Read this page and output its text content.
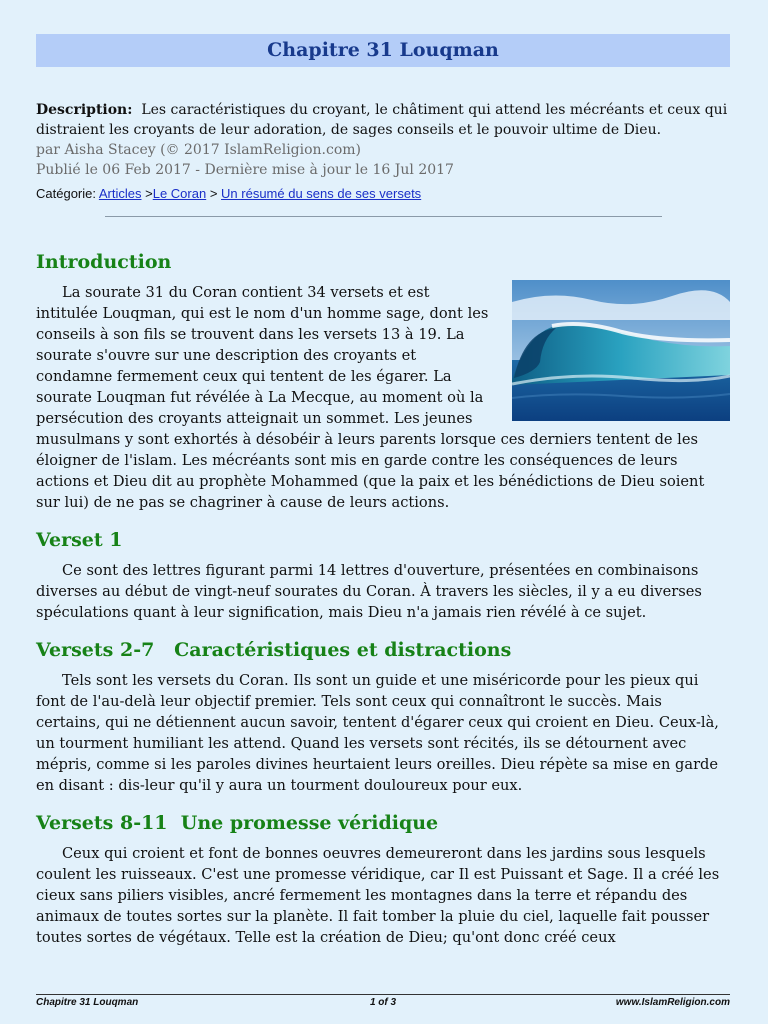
Chapitre 31 Louqman
Description: Les caractéristiques du croyant, le châtiment qui attend les mécréants et ceux qui distraient les croyants de leur adoration, de sages conseils et le pouvoir ultime de Dieu.
par Aisha Stacey (© 2017 IslamReligion.com)
Publié le 06 Feb 2017 - Dernière mise à jour le 16 Jul 2017
Catégorie: Articles >Le Coran > Un résumé du sens de ses versets
Introduction

La sourate 31 du Coran contient 34 versets et est intitulée Louqman, qui est le nom d'un homme sage, dont les conseils à son fils se trouvent dans les versets 13 à 19. La sourate s'ouvre sur une description des croyants et condamne fermement ceux qui tentent de les égarer. La sourate Louqman fut révélée à La Mecque, au moment où la persécution des croyants atteignait un sommet. Les jeunes musulmans y sont exhortés à désobéir à leurs parents lorsque ces derniers tentent de les éloigner de l'islam. Les mécréants sont mis en garde contre les conséquences de leurs actions et Dieu dit au prophète Mohammed (que la paix et les bénédictions de Dieu soient sur lui) de ne pas se chagriner à cause de leurs actions.

Verset 1

Ce sont des lettres figurant parmi 14 lettres d'ouverture, présentées en combinaisons diverses au début de vingt-neuf sourates du Coran. À travers les siècles, il y a eu diverses spéculations quant à leur signification, mais Dieu n'a jamais rien révélé à ce sujet.

Versets 2-7   Caractéristiques et distractions

Tels sont les versets du Coran. Ils sont un guide et une miséricorde pour les pieux qui font de l'au-delà leur objectif premier. Tels sont ceux qui connaîtront le succès. Mais certains, qui ne détiennent aucun savoir, tentent d'égarer ceux qui croient en Dieu. Ceux-là, un tourment humiliant les attend. Quand les versets sont récités, ils se détournent avec mépris, comme si les paroles divines heurtaient leurs oreilles. Dieu répète sa mise en garde en disant : dis-leur qu'il y aura un tourment douloureux pour eux.

Versets 8-11  Une promesse véridique

Ceux qui croient et font de bonnes oeuvres demeureront dans les jardins sous lesquels coulent les ruisseaux. C'est une promesse véridique, car Il est Puissant et Sage. Il a créé les cieux sans piliers visibles, ancré fermement les montagnes dans la terre et répandu des animaux de toutes sortes sur la planète. Il fait tomber la pluie du ciel, laquelle fait pousser toutes sortes de végétaux. Telle est la création de Dieu; qu'ont donc créé ceux

Chapitre 31 Louqman	1 of 3	www.IslamReligion.com
